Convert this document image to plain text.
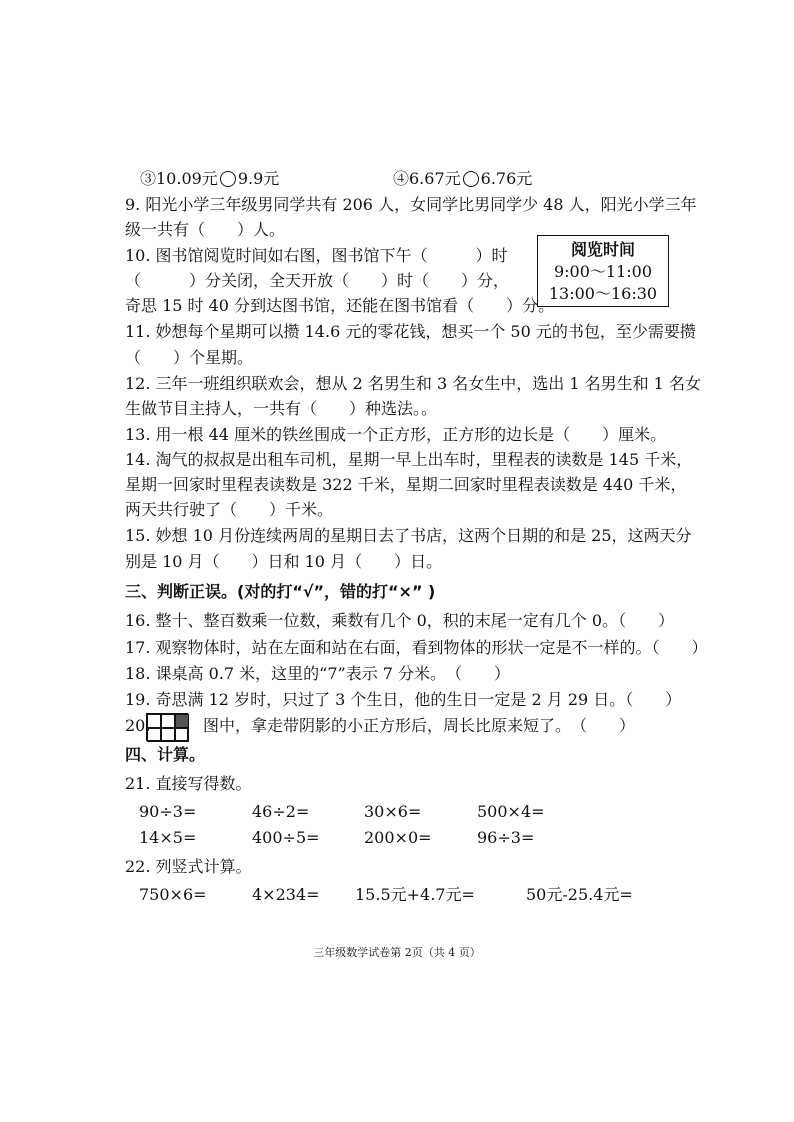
③10.09元 9.9元	④6.67元 6.76元
9. 阳光小学三年级男同学共有 206 人，女同学比男同学少 48 人，阳光小学三年
级一共有（　　）人。
10. 图书馆阅览时间如右图，图书馆下午（　　　）时
（　　　）分关闭，全天开放（　　）时（　　）分，
奇思 15 时 40 分到达图书馆，还能在图书馆看（　　）分。
阅览时间
9:00～11:00
13:00～16:30
11. 妙想每个星期可以攒 14.6 元的零花钱，想买一个 50 元的书包，至少需要攒
（　　）个星期。
12. 三年一班组织联欢会，想从 2 名男生和 3 名女生中，选出 1 名男生和 1 名女
生做节目主持人，一共有（　　）种选法。。
13. 用一根 44 厘米的铁丝围成一个正方形，正方形的边长是（　　）厘米。
14. 淘气的叔叔是出租车司机，星期一早上出车时，里程表的读数是 145 千米，
星期一回家时里程表读数是 322 千米，星期二回家时里程表读数是 440 千米，
两天共行驶了（　　）千米。
15. 妙想 10 月份连续两周的星期日去了书店，这两个日期的和是 25，这两天分
别是 10 月（　　）日和 10 月（　　）日。
三、判断正误。(对的打“√”，错的打“×” )
16. 整十、整百数乘一位数，乘数有几个 0，积的末尾一定有几个 0。（　　）
17. 观察物体时，站在左面和站在右面，看到物体的形状一定是不一样的。（　　）
18. 课桌高 0.7 米，这里的“7”表示 7 分米。　（　　）
19. 奇思满 12 岁时，只过了 3 个生日，他的生日一定是 2 月 29 日。（　　）
20.	图中，拿走带阴影的小正方形后，周长比原来短了。　（　　）
四、计算。
21. 直接写得数。
90÷3=	46÷2=	30×6=	500×4=
14×5=	400÷5=	200×0=	96÷3=
22. 列竖式计算。
750×6=	4×234= 15.5元+4.7元=	50元-25.4元=
三年级数学试卷第 2页（共 4 页）
